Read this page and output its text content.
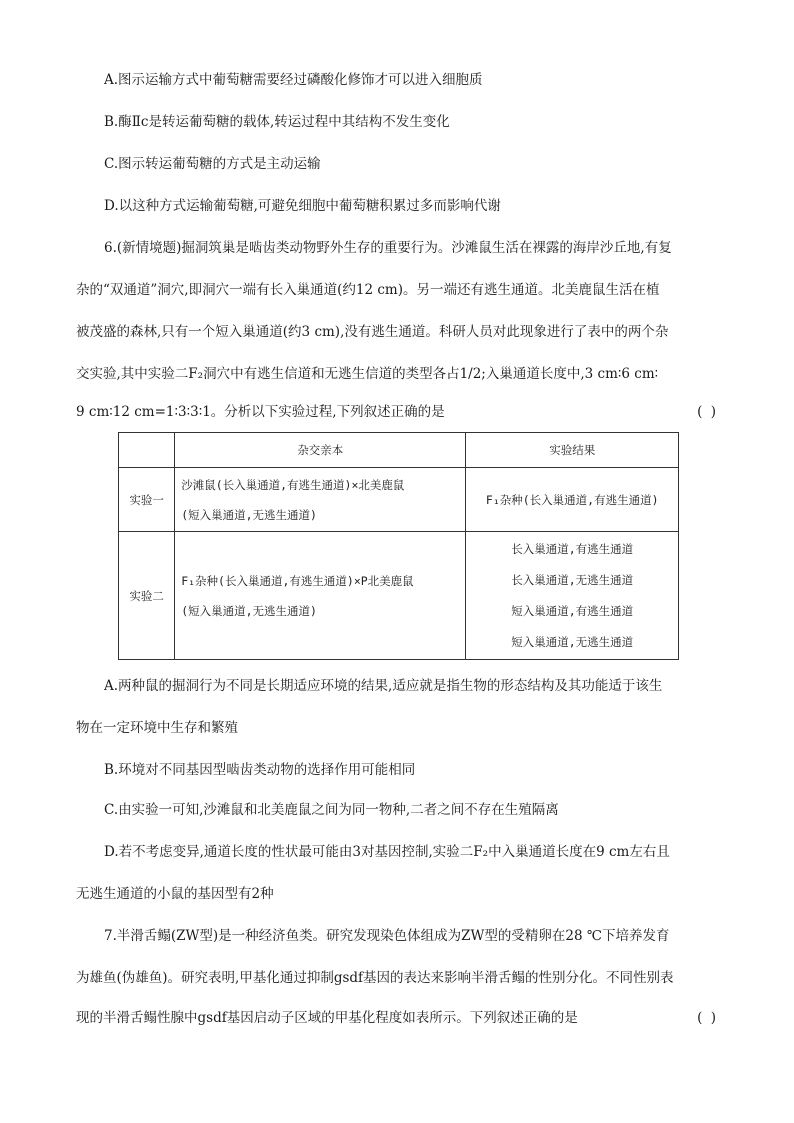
A.图示运输方式中葡萄糖需要经过磷酸化修饰才可以进入细胞质
B.酶Ⅱc是转运葡萄糖的载体,转运过程中其结构不发生变化
C.图示转运葡萄糖的方式是主动运输
D.以这种方式运输葡萄糖,可避免细胞中葡萄糖积累过多而影响代谢
6.(新情境题)掘洞筑巢是啮齿类动物野外生存的重要行为。沙滩鼠生活在裸露的海岸沙丘地,有复
杂的“双通道”洞穴,即洞穴一端有长入巢通道(约12 cm)。另一端还有逃生通道。北美鹿鼠生活在植
被茂盛的森林,只有一个短入巢通道(约3 cm),没有逃生通道。科研人员对此现象进行了表中的两个杂
交实验,其中实验二F₂洞穴中有逃生信道和无逃生信道的类型各占1/2;入巢通道长度中,3 cm∶6 cm∶
9 cm∶12 cm=1∶3∶3∶1。分析以下实验过程,下列叙述正确的是	( )
	杂交亲本	实验结果
实验一	沙滩鼠(长入巢通道,有逃生通道)×北美鹿鼠
(短入巢通道,无逃生通道)	F₁杂种(长入巢通道,有逃生通道)
实验二	F₁杂种(长入巢通道,有逃生通道)×P北美鹿鼠
(短入巢通道,无逃生通道)	长入巢通道,有逃生通道
长入巢通道,无逃生通道
短入巢通道,有逃生通道
短入巢通道,无逃生通道
A.两种鼠的掘洞行为不同是长期适应环境的结果,适应就是指生物的形态结构及其功能适于该生
物在一定环境中生存和繁殖
B.环境对不同基因型啮齿类动物的选择作用可能相同
C.由实验一可知,沙滩鼠和北美鹿鼠之间为同一物种,二者之间不存在生殖隔离
D.若不考虑变异,通道长度的性状最可能由3对基因控制,实验二F₂中入巢通道长度在9 cm左右且
无逃生通道的小鼠的基因型有2种
7.半滑舌鳎(ZW型)是一种经济鱼类。研究发现染色体组成为ZW型的受精卵在28 ℃下培养发育
为雄鱼(伪雄鱼)。研究表明,甲基化通过抑制gsdf基因的表达来影响半滑舌鳎的性别分化。不同性别表
现的半滑舌鳎性腺中gsdf基因启动子区域的甲基化程度如表所示。下列叙述正确的是	( )
